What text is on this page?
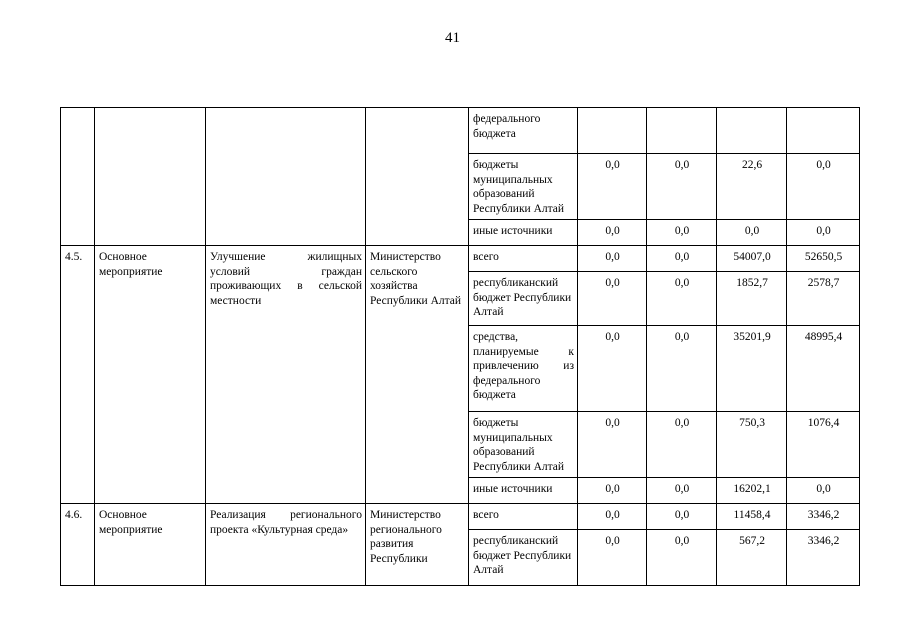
41
				федерального бюджета				
				бюджеты муниципальных образований Республики Алтай	0,0	0,0	22,6	0,0
				иные источники	0,0	0,0	0,0	0,0
4.5.	Основное мероприятие	Улучшение жилищных условий граждан проживающих в сельской местности	Министерство сельского хозяйства Республики Алтай	всего	0,0	0,0	54007,0	52650,5
				республиканский бюджет Республики Алтай	0,0	0,0	1852,7	2578,7
				средства, планируемые к привлечению из федерального бюджета	0,0	0,0	35201,9	48995,4
				бюджеты муниципальных образований Республики Алтай	0,0	0,0	750,3	1076,4
				иные источники	0,0	0,0	16202,1	0,0
4.6.	Основное мероприятие	Реализация регионального проекта «Культурная среда»	Министерство регионального развития Республики	всего	0,0	0,0	11458,4	3346,2
				республиканский бюджет Республики Алтай	0,0	0,0	567,2	3346,2
